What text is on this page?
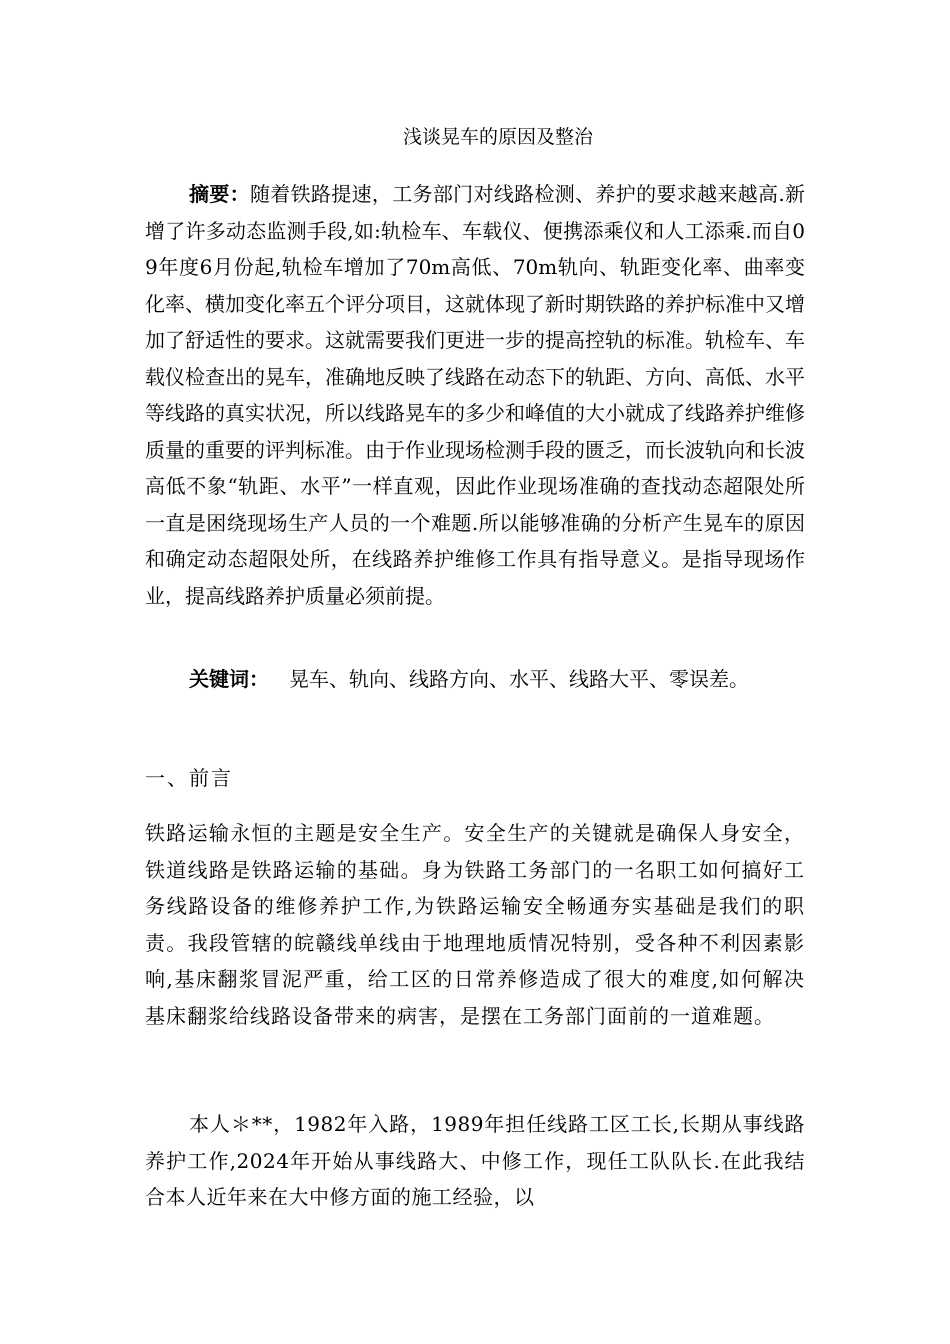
浅谈晃车的原因及整治

摘要：随着铁路提速，工务部门对线路检测、养护的要求越来越高.新增了许多动态监测手段,如:轨检车、车载仪、便携添乘仪和人工添乘.而自09年度6月份起,轨检车增加了70m高低、70m轨向、轨距变化率、曲率变化率、横加变化率五个评分项目，这就体现了新时期铁路的养护标准中又增加了舒适性的要求。这就需要我们更进一步的提高控轨的标准。轨检车、车载仪检查出的晃车，准确地反映了线路在动态下的轨距、方向、高低、水平等线路的真实状况，所以线路晃车的多少和峰值的大小就成了线路养护维修质量的重要的评判标准。由于作业现场检测手段的匮乏，而长波轨向和长波高低不象“轨距、水平”一样直观，因此作业现场准确的查找动态超限处所一直是困绕现场生产人员的一个难题.所以能够准确的分析产生晃车的原因和确定动态超限处所，在线路养护维修工作具有指导意义。是指导现场作业，提高线路养护质量必须前提。

关键词： 晃车、轨向、线路方向、水平、线路大平、零误差。

一、前言

铁路运输永恒的主题是安全生产。安全生产的关键就是确保人身安全，铁道线路是铁路运输的基础。身为铁路工务部门的一名职工如何搞好工务线路设备的维修养护工作,为铁路运输安全畅通夯实基础是我们的职责。我段管辖的皖赣线单线由于地理地质情况特别，受各种不利因素影响,基床翻浆冒泥严重，给工区的日常养修造成了很大的难度,如何解决基床翻浆给线路设备带来的病害，是摆在工务部门面前的一道难题。

本人＊**，1982年入路，1989年担任线路工区工长,长期从事线路养护工作,2024年开始从事线路大、中修工作，现任工队队长.在此我结合本人近年来在大中修方面的施工经验，以
